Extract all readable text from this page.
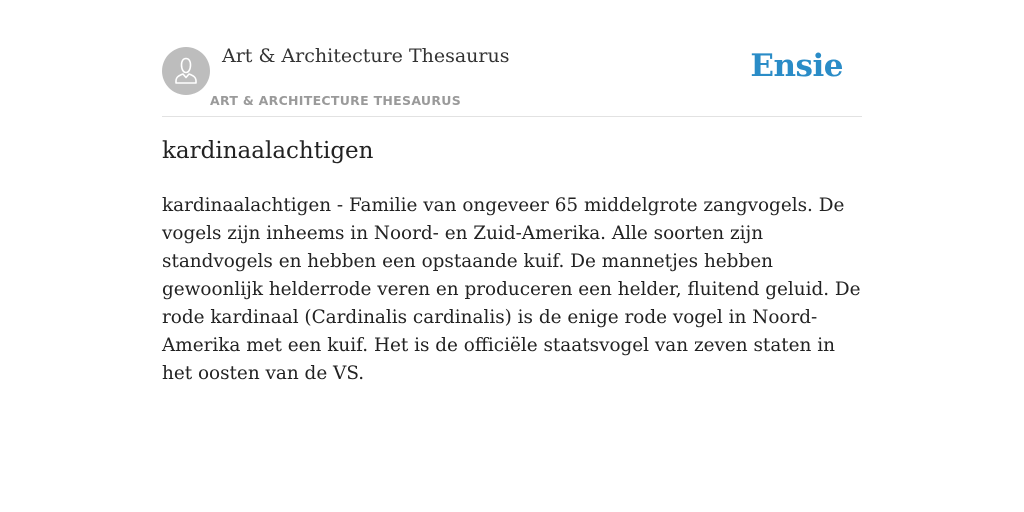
Art & Architecture Thesaurus
ART & ARCHITECTURE THESAURUS
Ensie
kardinaalachtigen

kardinaalachtigen - Familie van ongeveer 65 middelgrote zangvogels. De vogels zijn inheems in Noord- en Zuid-Amerika. Alle soorten zijn standvogels en hebben een opstaande kuif. De mannetjes hebben gewoonlijk helderrode veren en produceren een helder, fluitend geluid. De rode kardinaal (Cardinalis cardinalis) is de enige rode vogel in Noord-Amerika met een kuif. Het is de officiële staatsvogel van zeven staten in het oosten van de VS.
